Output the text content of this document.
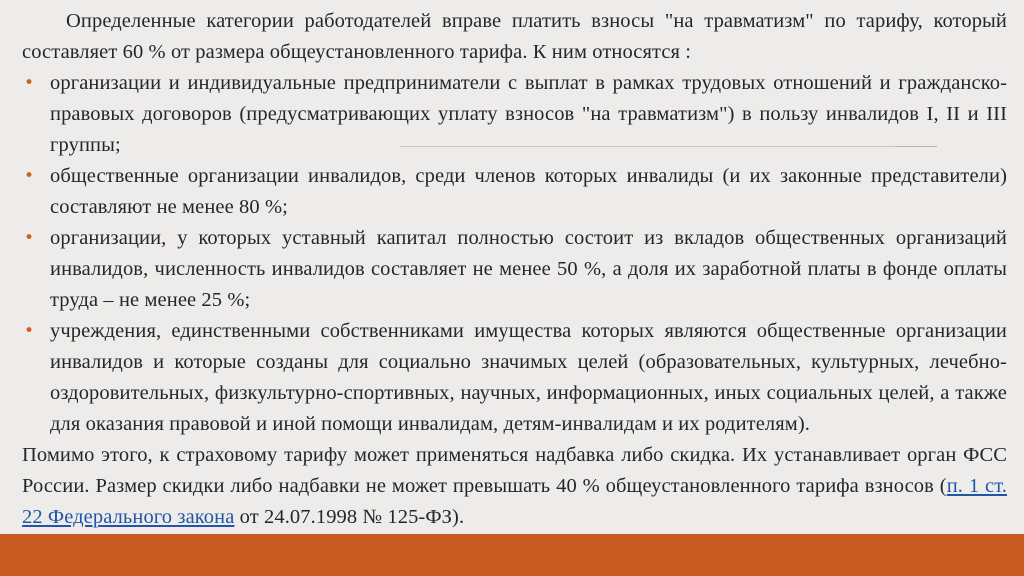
Определенные категории работодателей вправе платить взносы "на травматизм" по тарифу, который составляет 60 % от размера общеустановленного тарифа. К ним относятся :

• организации и индивидуальные предприниматели с выплат в рамках трудовых отношений и гражданско-правовых договоров (предусматривающих уплату взносов "на травматизм") в пользу инвалидов I, II и III группы;
• общественные организации инвалидов, среди членов которых инвалиды (и их законные представители) составляют не менее 80 %;
• организации, у которых уставный капитал полностью состоит из вкладов общественных организаций инвалидов, численность инвалидов составляет не менее 50 %, а доля их заработной платы в фонде оплаты труда – не менее 25 %;
• учреждения, единственными собственниками имущества которых являются общественные организации инвалидов и которые созданы для социально значимых целей (образовательных, культурных, лечебно-оздоровительных, физкультурно-спортивных, научных, информационных, иных социальных целей, а также для оказания правовой и иной помощи инвалидам, детям-инвалидам и их родителям).

Помимо этого, к страховому тарифу может применяться надбавка либо скидка. Их устанавливает орган ФСС России. Размер скидки либо надбавки не может превышать 40 % общеустановленного тарифа взносов (п. 1 ст. 22 Федерального закона от 24.07.1998 № 125-ФЗ).
